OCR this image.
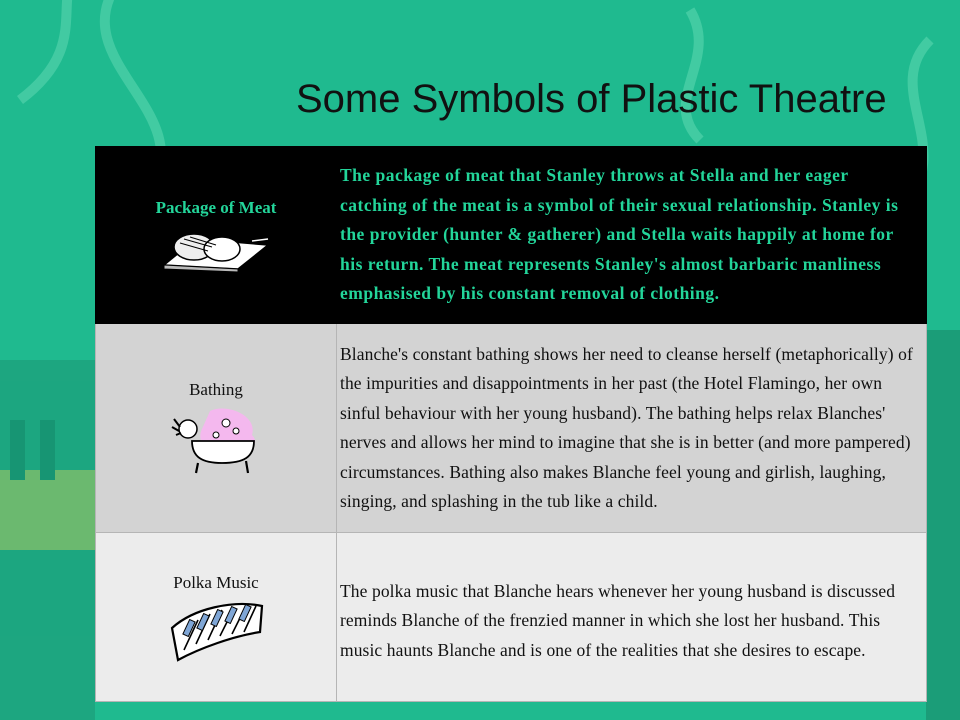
Some Symbols of Plastic Theatre
Package of Meat	The package of meat that Stanley throws at Stella and her eager catching of the meat is a symbol of their sexual relationship. Stanley is the provider (hunter & gatherer) and Stella waits happily at home for his return. The meat represents Stanley's almost barbaric manliness emphasised by his constant removal of clothing.

Bathing	Blanche's constant bathing shows her need to cleanse herself (metaphorically) of the impurities and disappointments in her past (the Hotel Flamingo, her own sinful behaviour with her young husband). The bathing helps relax Blanches' nerves and allows her mind to imagine that she is in better (and more pampered) circumstances. Bathing also makes Blanche feel young and girlish, laughing, singing, and splashing in the tub like a child.

Polka Music	The polka music that Blanche hears whenever her young husband is discussed reminds Blanche of the frenzied manner in which she lost her husband. This music haunts Blanche and is one of the realities that she desires to escape.
